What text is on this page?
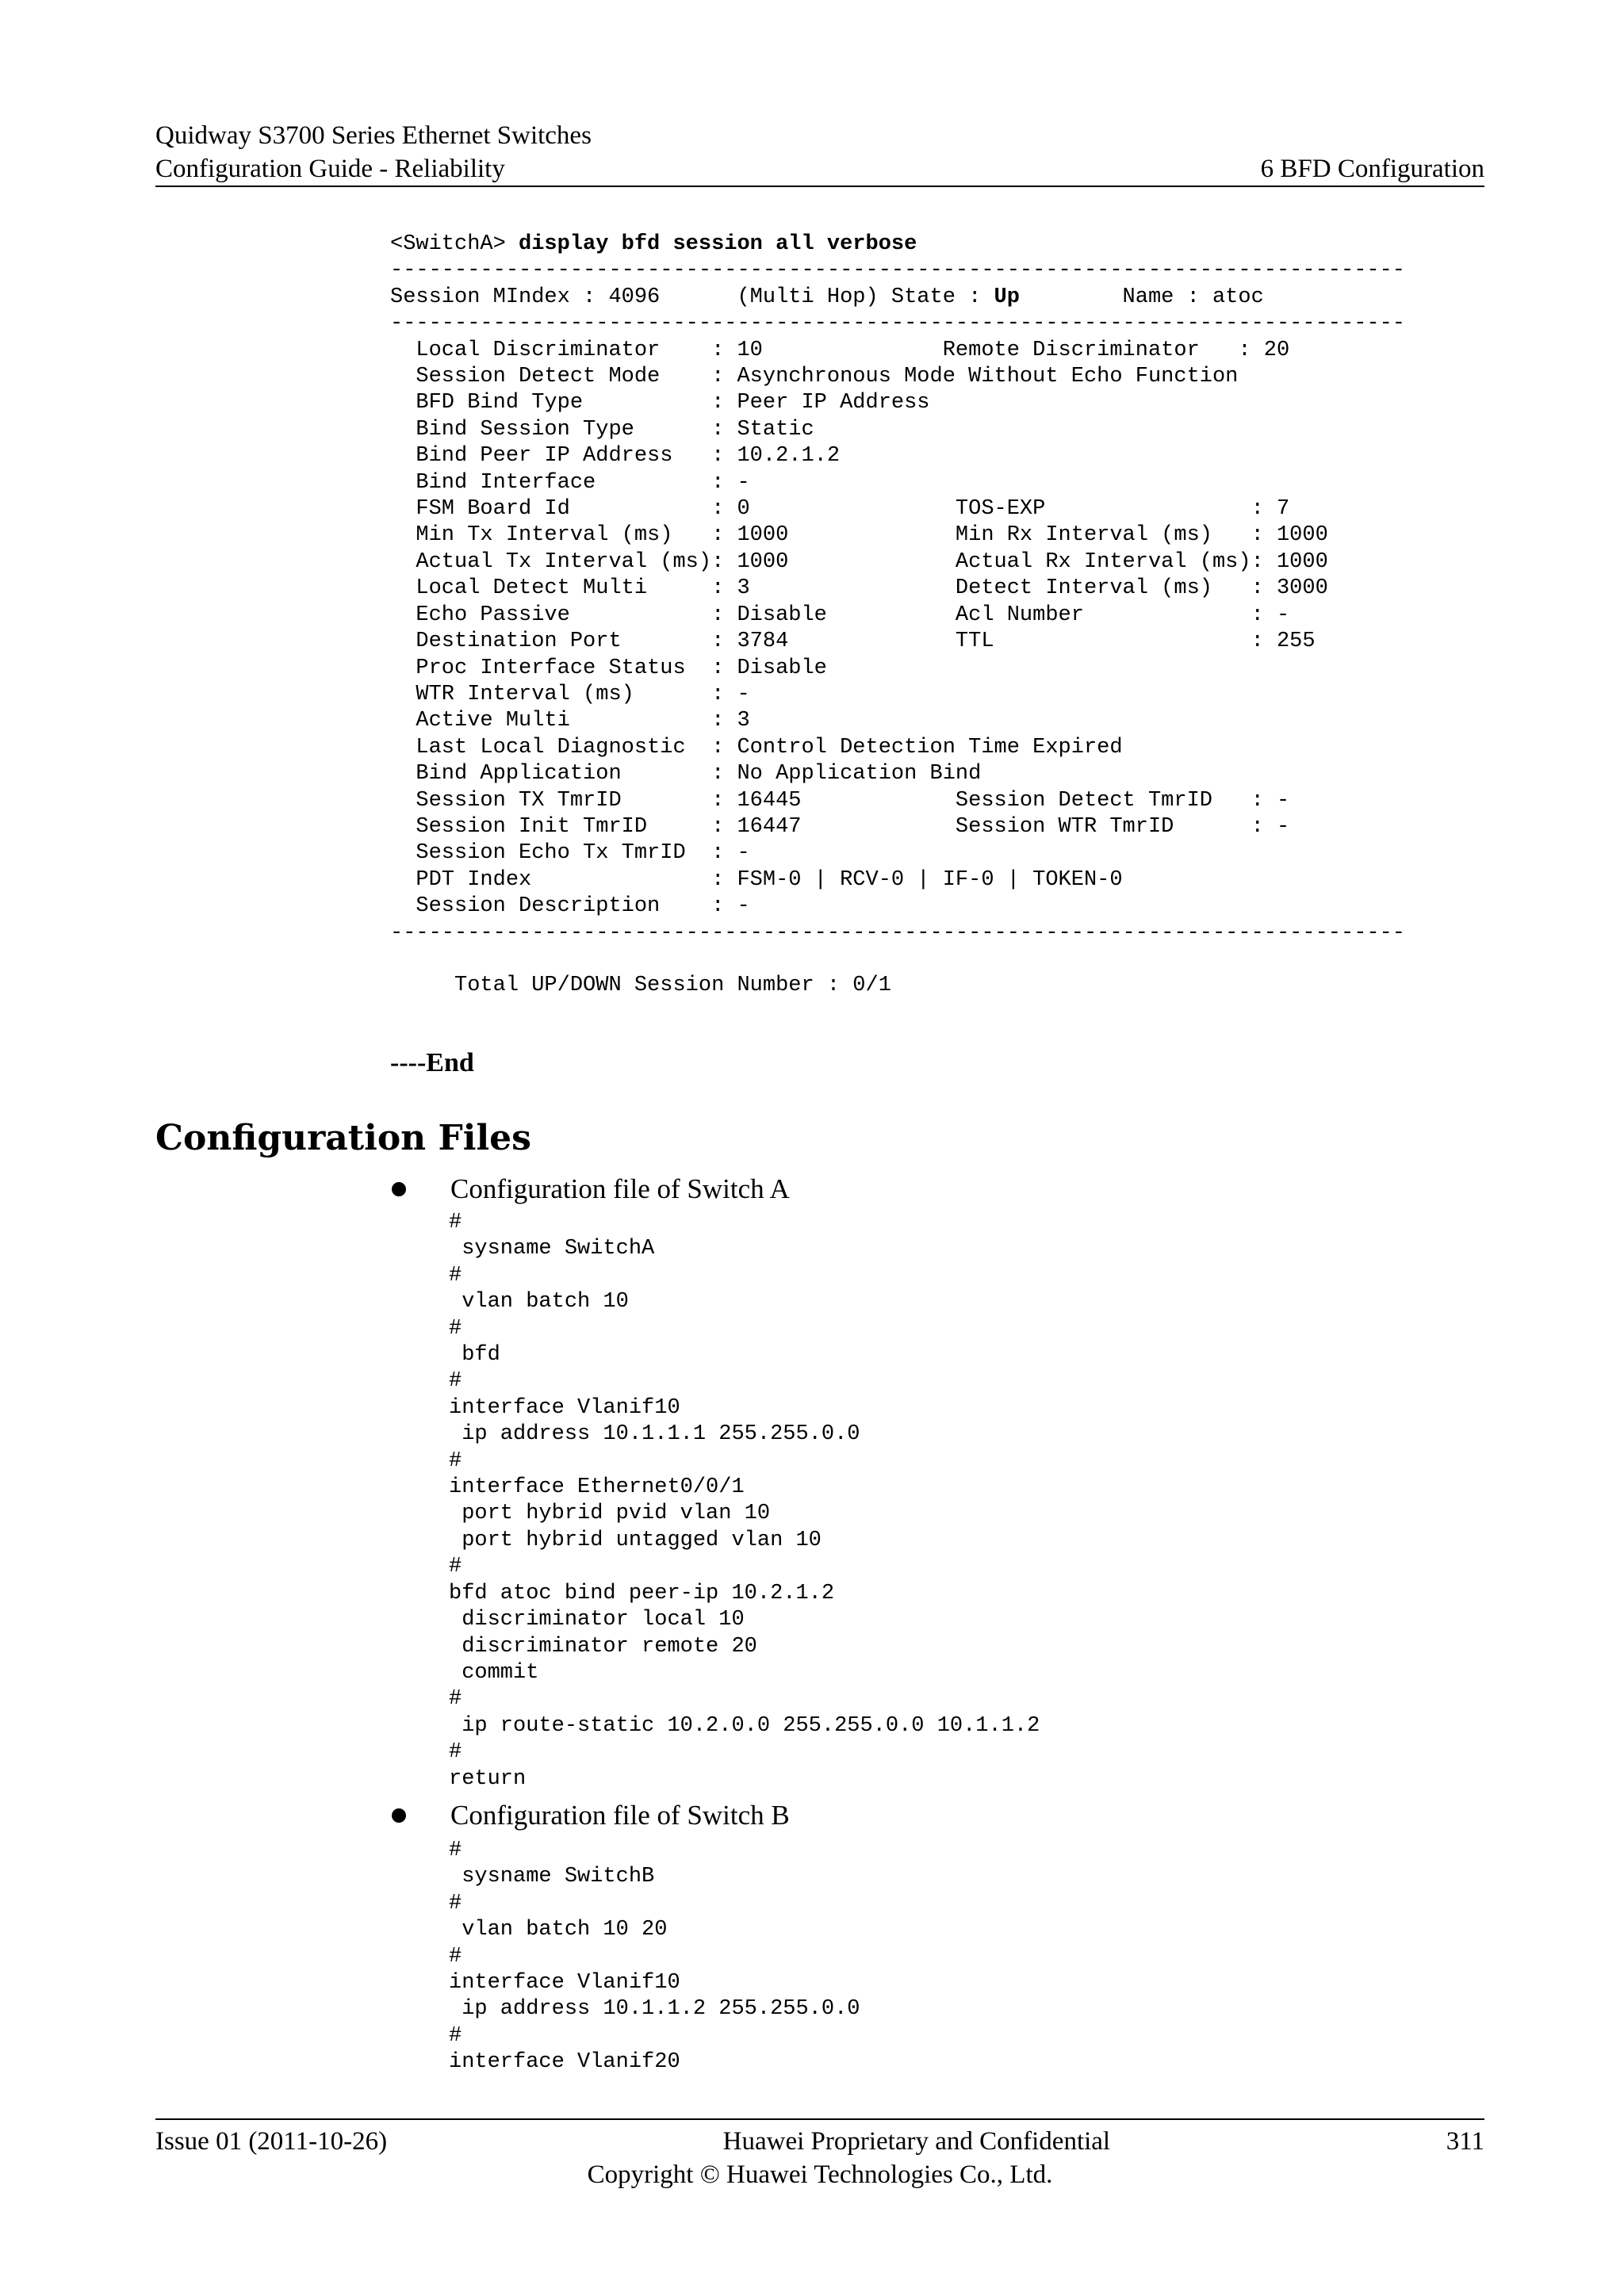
Quidway S3700 Series Ethernet Switches
Configuration Guide - Reliability	6 BFD Configuration
<SwitchA> display bfd session all verbose
-------------------------------------------------------------------------------
Session MIndex : 4096      (Multi Hop) State : Up        Name : atoc
-------------------------------------------------------------------------------
Local Discriminator    : 10              Remote Discriminator   : 20
Session Detect Mode    : Asynchronous Mode Without Echo Function
BFD Bind Type          : Peer IP Address
Bind Session Type      : Static
Bind Peer IP Address   : 10.2.1.2
Bind Interface         : -
FSM Board Id           : 0                TOS-EXP                : 7
Min Tx Interval (ms)   : 1000             Min Rx Interval (ms)   : 1000
Actual Tx Interval (ms): 1000             Actual Rx Interval (ms): 1000
Local Detect Multi     : 3                Detect Interval (ms)   : 3000
Echo Passive           : Disable          Acl Number             : -
Destination Port       : 3784             TTL                    : 255
Proc Interface Status  : Disable
WTR Interval (ms)      : -
Active Multi           : 3
Last Local Diagnostic  : Control Detection Time Expired
Bind Application       : No Application Bind
Session TX TmrID       : 16445            Session Detect TmrID   : -
Session Init TmrID     : 16447            Session WTR TmrID      : -
Session Echo Tx TmrID  : -
PDT Index              : FSM-0 | RCV-0 | IF-0 | TOKEN-0
Session Description    : -
-------------------------------------------------------------------------------

Total UP/DOWN Session Number : 0/1
----End
Configuration Files
Configuration file of Switch A
#
sysname SwitchA
#
vlan batch 10
#
bfd
#
interface Vlanif10
ip address 10.1.1.1 255.255.0.0
#
interface Ethernet0/0/1
port hybrid pvid vlan 10
port hybrid untagged vlan 10
#
bfd atoc bind peer-ip 10.2.1.2
discriminator local 10
discriminator remote 20
commit
#
ip route-static 10.2.0.0 255.255.0.0 10.1.1.2
#
return
Configuration file of Switch B
#
sysname SwitchB
#
vlan batch 10 20
#
interface Vlanif10
ip address 10.1.1.2 255.255.0.0
#
interface Vlanif20
Issue 01 (2011-10-26)	Huawei Proprietary and Confidential	311
Copyright © Huawei Technologies Co., Ltd.
